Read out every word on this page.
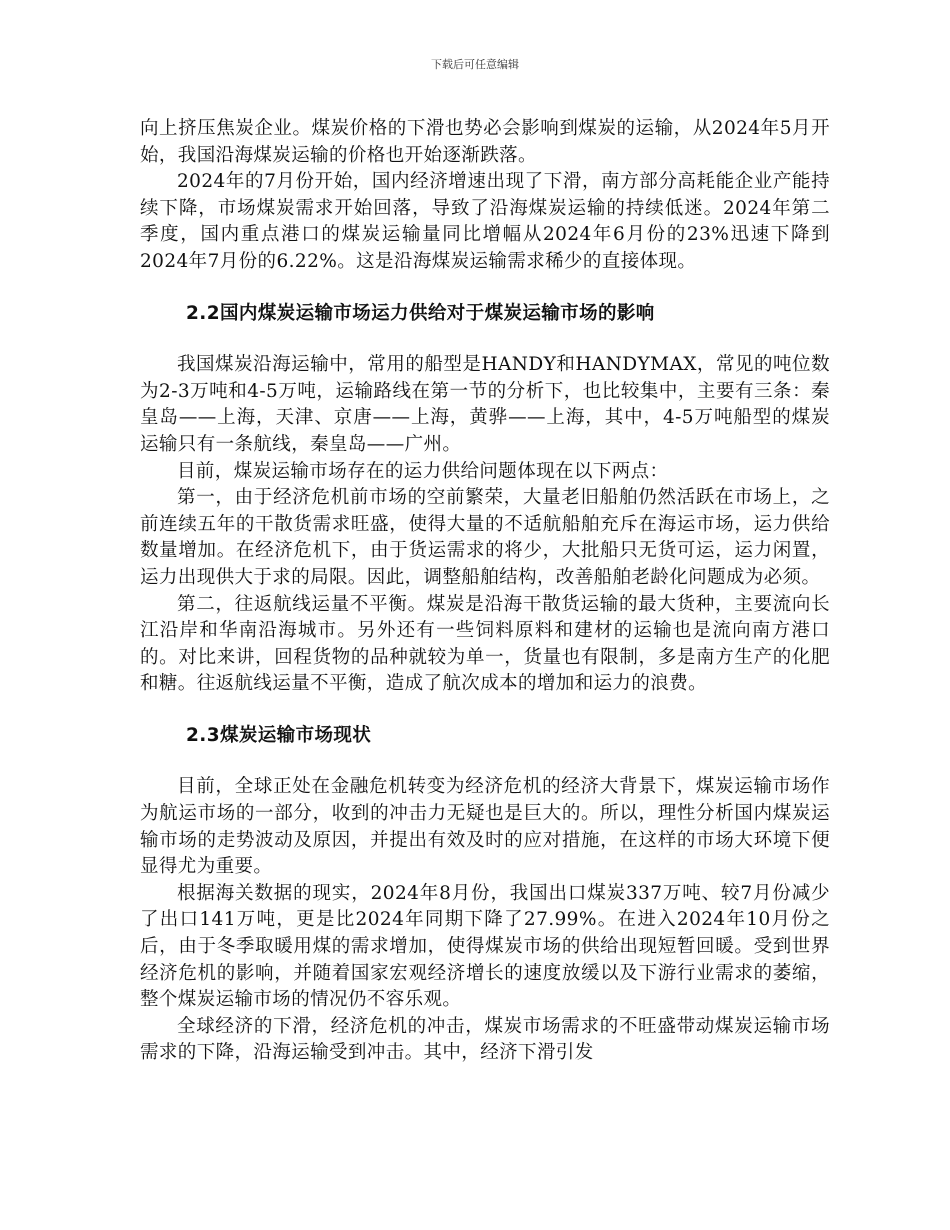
下载后可任意编辑

向上挤压焦炭企业。煤炭价格的下滑也势必会影响到煤炭的运输，从2024年5月开始，我国沿海煤炭运输的价格也开始逐渐跌落。

2024年的7月份开始，国内经济增速出现了下滑，南方部分高耗能企业产能持续下降，市场煤炭需求开始回落，导致了沿海煤炭运输的持续低迷。2024年第二季度，国内重点港口的煤炭运输量同比增幅从2024年6月份的23%迅速下降到2024年7月份的6.22%。这是沿海煤炭运输需求稀少的直接体现。

2.2国内煤炭运输市场运力供给对于煤炭运输市场的影响

我国煤炭沿海运输中，常用的船型是HANDY和HANDYMAX，常见的吨位数为2-3万吨和4-5万吨，运输路线在第一节的分析下，也比较集中，主要有三条：秦皇岛——上海，天津、京唐——上海，黄骅——上海，其中，4-5万吨船型的煤炭运输只有一条航线，秦皇岛——广州。

目前，煤炭运输市场存在的运力供给问题体现在以下两点：

第一，由于经济危机前市场的空前繁荣，大量老旧船舶仍然活跃在市场上，之前连续五年的干散货需求旺盛，使得大量的不适航船舶充斥在海运市场，运力供给数量增加。在经济危机下，由于货运需求的将少，大批船只无货可运，运力闲置，运力出现供大于求的局限。因此，调整船舶结构，改善船舶老龄化问题成为必须。

第二，往返航线运量不平衡。煤炭是沿海干散货运输的最大货种，主要流向长江沿岸和华南沿海城市。另外还有一些饲料原料和建材的运输也是流向南方港口的。对比来讲，回程货物的品种就较为单一，货量也有限制，多是南方生产的化肥和糖。往返航线运量不平衡，造成了航次成本的增加和运力的浪费。

2.3煤炭运输市场现状

目前，全球正处在金融危机转变为经济危机的经济大背景下，煤炭运输市场作为航运市场的一部分，收到的冲击力无疑也是巨大的。所以，理性分析国内煤炭运输市场的走势波动及原因，并提出有效及时的应对措施，在这样的市场大环境下便显得尤为重要。

根据海关数据的现实，2024年8月份，我国出口煤炭337万吨、较7月份减少了出口141万吨，更是比2024年同期下降了27.99%。在进入2024年10月份之后，由于冬季取暖用煤的需求增加，使得煤炭市场的供给出现短暂回暖。受到世界经济危机的影响，并随着国家宏观经济增长的速度放缓以及下游行业需求的萎缩，整个煤炭运输市场的情况仍不容乐观。

全球经济的下滑，经济危机的冲击，煤炭市场需求的不旺盛带动煤炭运输市场需求的下降，沿海运输受到冲击。其中，经济下滑引发
